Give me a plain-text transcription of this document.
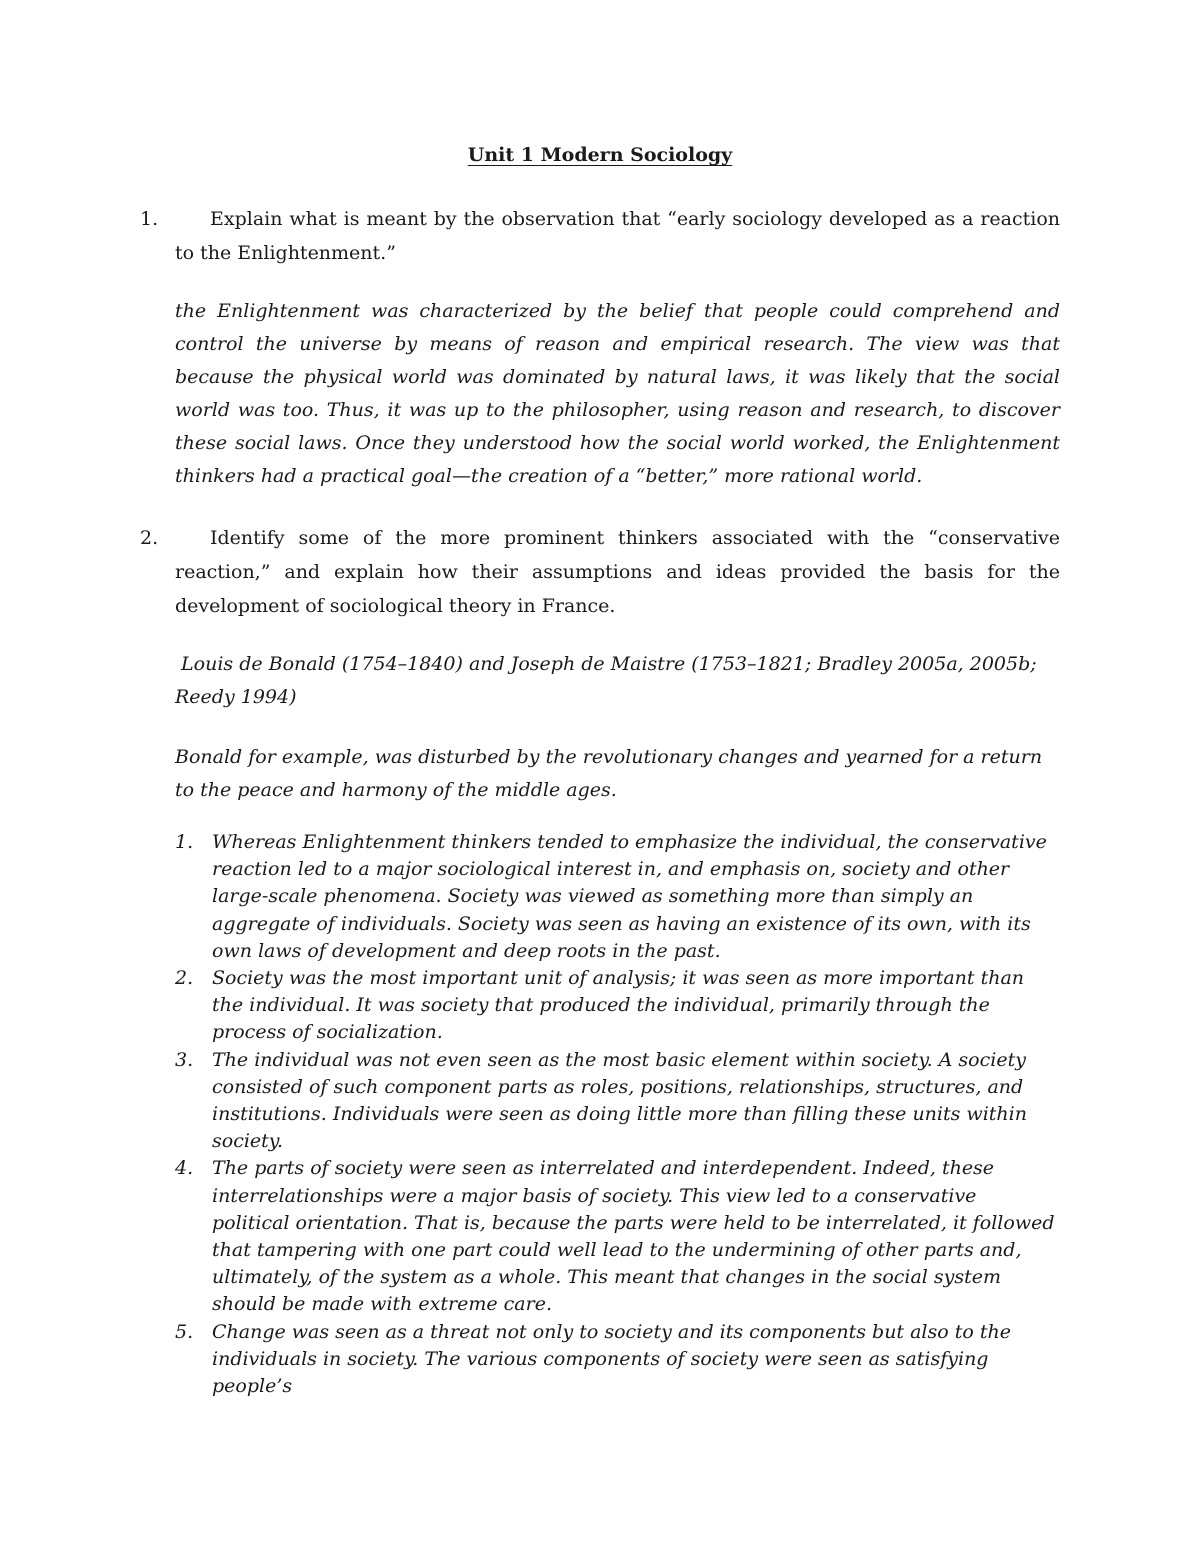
Unit 1 Modern Sociology
1.	Explain what is meant by the observation that “early sociology developed as a reaction to the Enlightenment.”
the Enlightenment was characterized by the belief that people could comprehend and control the universe by means of reason and empirical research. The view was that because the physical world was dominated by natural laws, it was likely that the social world was too. Thus, it was up to the philosopher, using reason and research, to discover these social laws. Once they understood how the social world worked, the Enlightenment thinkers had a practical goal—the creation of a “better,” more rational world.
2.	Identify some of the more prominent thinkers associated with the “conservative reaction,” and explain how their assumptions and ideas provided the basis for the development of sociological theory in France.
Louis de Bonald (1754–1840) and Joseph de Maistre (1753–1821; Bradley 2005a, 2005b; Reedy 1994)
Bonald for example, was disturbed by the revolutionary changes and yearned for a return to the peace and harmony of the middle ages.
1. Whereas Enlightenment thinkers tended to emphasize the individual, the conservative reaction led to a major sociological interest in, and emphasis on, society and other large-scale phenomena. Society was viewed as something more than simply an aggregate of individuals. Society was seen as having an existence of its own, with its own laws of development and deep roots in the past.
2. Society was the most important unit of analysis; it was seen as more important than the individual. It was society that produced the individual, primarily through the process of socialization.
3. The individual was not even seen as the most basic element within society. A society consisted of such component parts as roles, positions, relationships, structures, and institutions. Individuals were seen as doing little more than filling these units within society.
4. The parts of society were seen as interrelated and interdependent. Indeed, these interrelationships were a major basis of society. This view led to a conservative political orientation. That is, because the parts were held to be interrelated, it followed that tampering with one part could well lead to the undermining of other parts and, ultimately, of the system as a whole. This meant that changes in the social system should be made with extreme care.
5. Change was seen as a threat not only to society and its components but also to the individuals in society. The various components of society were seen as satisfying people’s
